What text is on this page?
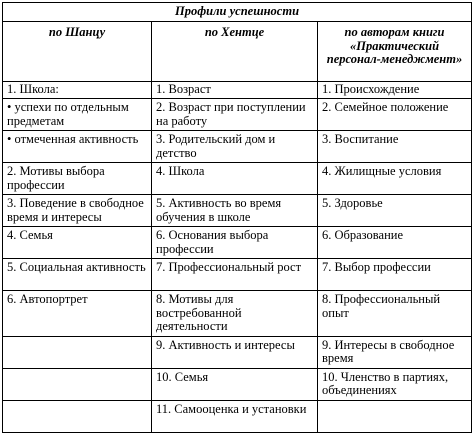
Профили успешности		
по Шанцу	по Хентце	по авторам книги «Практический персонал-менеджмент»
1. Школа:	1. Возраст	1. Происхождение
• успехи по отдельным предметам	2. Возраст при поступлении на работу	2. Семейное положение
• отмеченная активность	3. Родительский дом и детство	3. Воспитание
2. Мотивы выбора профессии	4. Школа	4. Жилищные условия
3. Поведение в свободное время и интересы	5. Активность во время обучения в школе	5. Здоровье
4. Семья	6. Основания выбора профессии	6. Образование
5. Социальная активность	7. Профессиональный рост	7. Выбор профессии
6. Автопортрет	8. Мотивы для востребованной деятельности	8. Профессиональный опыт
	9. Активность и интересы	9. Интересы в свободное время
	10. Семья	10. Членство в партиях, объединениях
	11. Самооценка и установки	
